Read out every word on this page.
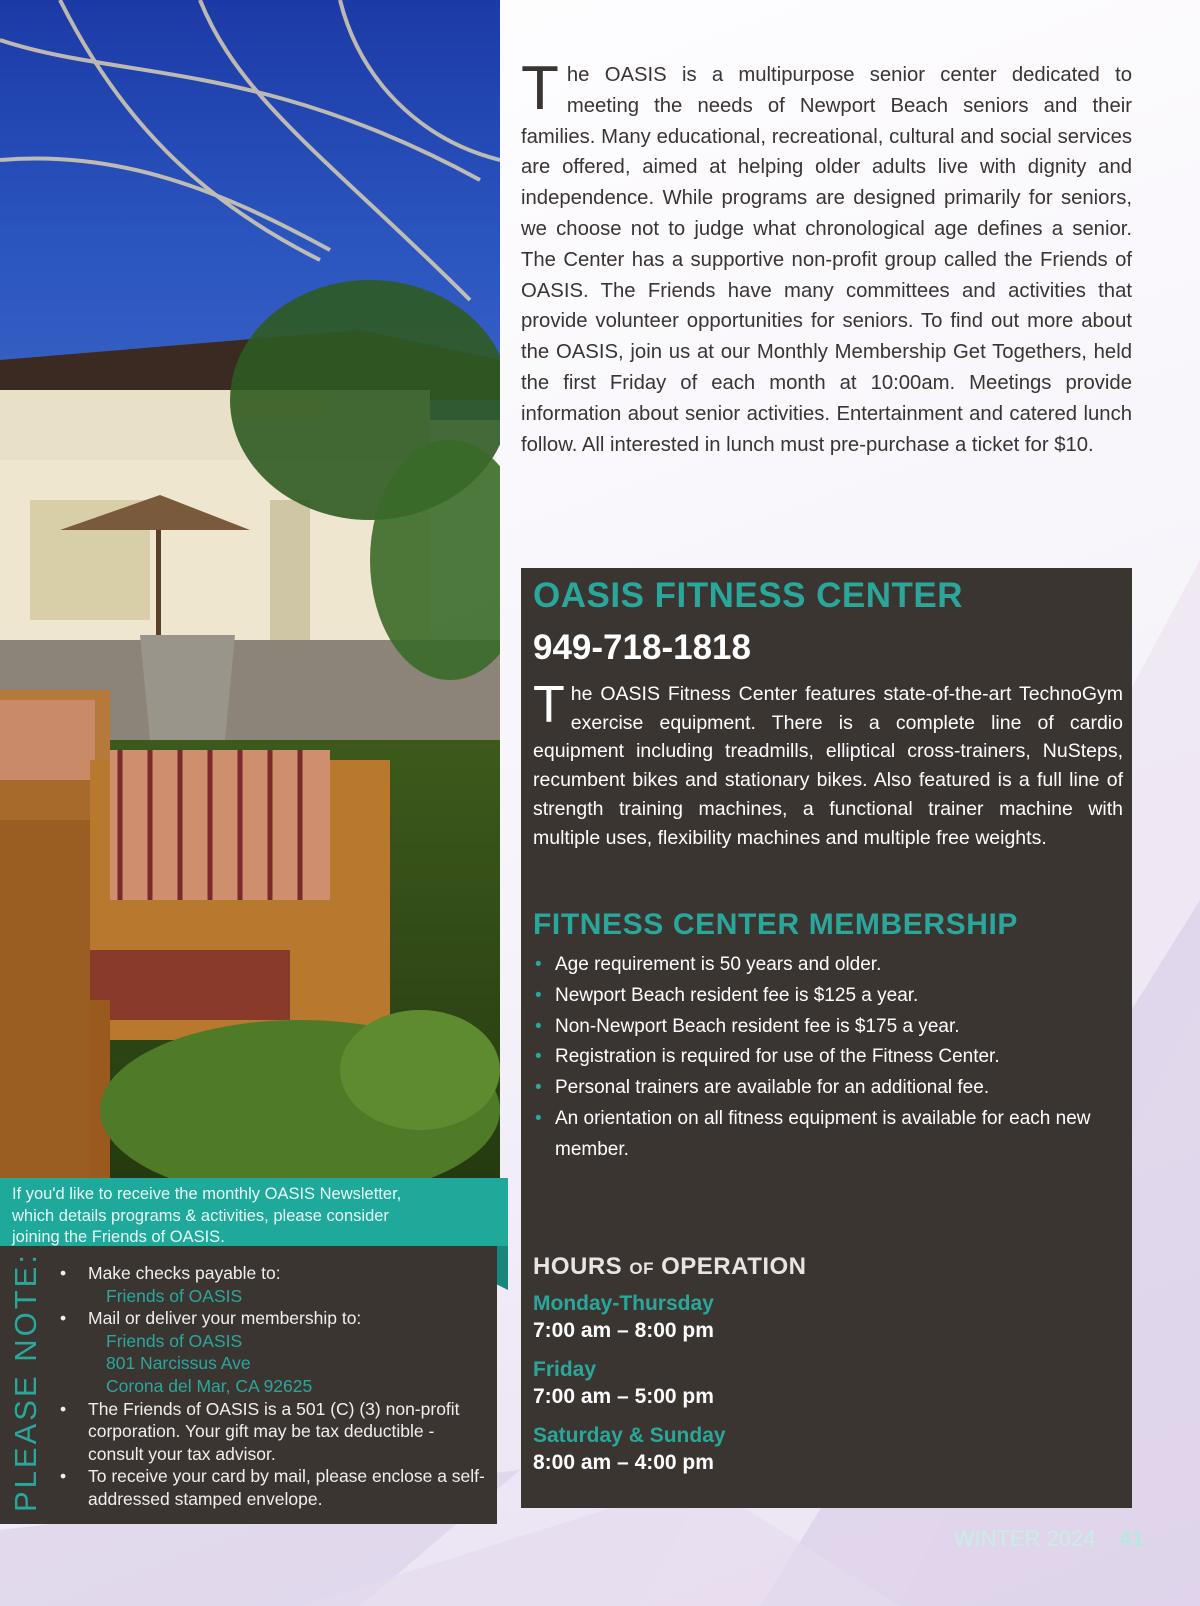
The OASIS is a multipurpose senior center dedicated to meeting the needs of Newport Beach seniors and their families. Many educational, recreational, cultural and social services are offered, aimed at helping older adults live with dignity and independence. While programs are designed primarily for seniors, we choose not to judge what chronological age defines a senior. The Center has a supportive non-profit group called the Friends of OASIS. The Friends have many committees and activities that provide volunteer opportunities for seniors. To find out more about the OASIS, join us at our Monthly Membership Get Togethers, held the first Friday of each month at 10:00am. Meetings provide information about senior activities. Entertainment and catered lunch follow. All interested in lunch must pre-purchase a ticket for $10.
OASIS FITNESS CENTER

949-718-1818

The OASIS Fitness Center features state-of-the-art TechnoGym exercise equipment. There is a complete line of cardio equipment including treadmills, elliptical cross-trainers, NuSteps, recumbent bikes and stationary bikes. Also featured is a full line of strength training machines, a functional trainer machine with multiple uses, flexibility machines and multiple free weights.
FITNESS CENTER MEMBERSHIP
• Age requirement is 50 years and older.
• Newport Beach resident fee is $125 a year.
• Non-Newport Beach resident fee is $175 a year.
• Registration is required for use of the Fitness Center.
• Personal trainers are available for an additional fee.
• An orientation on all fitness equipment is available for each new member.
HOURS OF OPERATION

Monday-Thursday

7:00 am – 8:00 pm

Friday

7:00 am – 5:00 pm

Saturday & Sunday

8:00 am – 4:00 pm

If you'd like to receive the monthly OASIS Newsletter, which details programs & activities, please consider joining the Friends of OASIS.

PLEASE NOTE: • Make checks payable to:
Friends of OASIS
• Mail or deliver your membership to:
Friends of OASIS
801 Narcissus Ave
Corona del Mar, CA 92625
• The Friends of OASIS is a 501 (C) (3) non-profit corporation. Your gift may be tax deductible - consult your tax advisor.
• To receive your card by mail, please enclose a self-addressed stamped envelope.
WINTER 2024 41
